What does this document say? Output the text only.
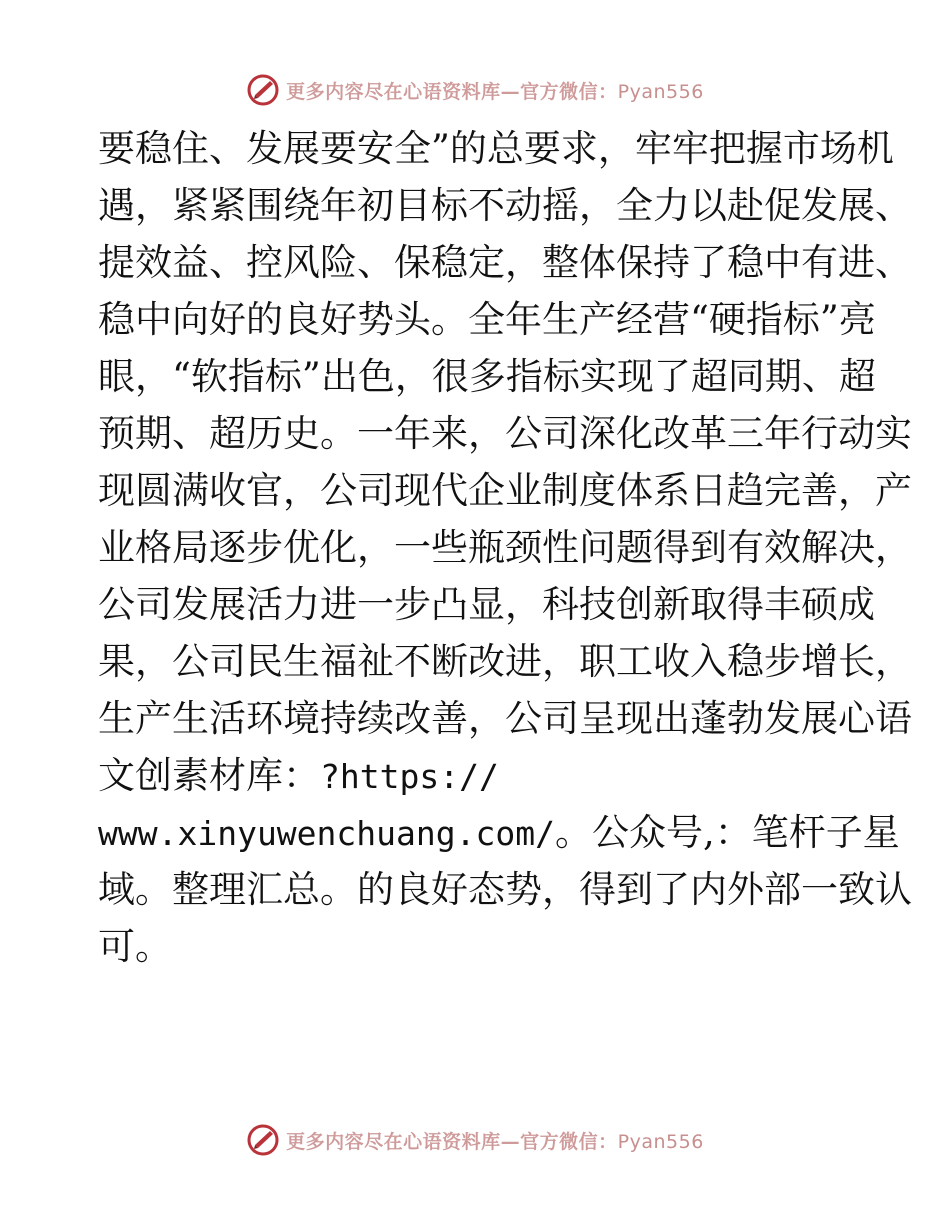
更多内容尽在心语资料库—官方微信：Pyan556
要稳住、发展要安全”的总要求，牢牢把握市场机
遇，紧紧围绕年初目标不动摇，全力以赴促发展、
提效益、控风险、保稳定，整体保持了稳中有进、
稳中向好的良好势头。全年生产经营“硬指标”亮
眼，“软指标”出色，很多指标实现了超同期、超
预期、超历史。一年来，公司深化改革三年行动实
现圆满收官，公司现代企业制度体系日趋完善，产
业格局逐步优化，一些瓶颈性问题得到有效解决，
公司发展活力进一步凸显，科技创新取得丰硕成
果，公司民生福祉不断改进，职工收入稳步增长，
生产生活环境持续改善，公司呈现出蓬勃发展心语
文创素材库：?https://
www.xinyuwenchuang.com/。公众号,：笔杆子星
域。整理汇总。的良好态势，得到了内外部一致认
可。
更多内容尽在心语资料库—官方微信：Pyan556
